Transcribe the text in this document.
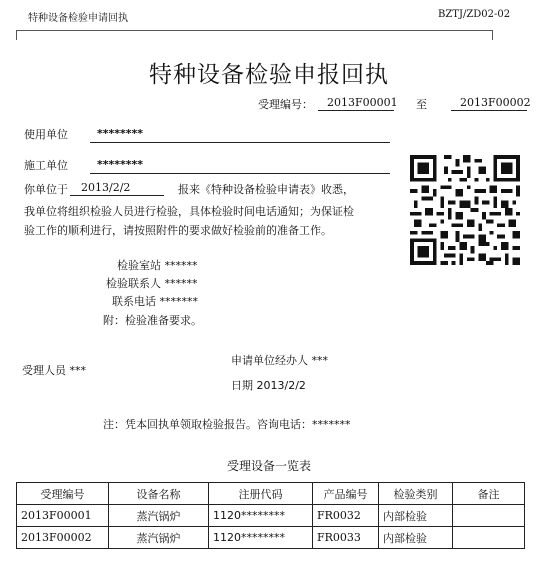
特种设备检验申请回执	BZTJ/ZD02-02
特种设备检验申报回执
受理编号： 2013F00001 至	2013F00002
使用单位	********
施工单位	********
你单位于 2013/2/2	报来《特种设备检验申请表》收悉，
我单位将组织检验人员进行检验，具体检验时间电话通知；为保证检
验工作的顺利进行，请按照附件的要求做好检验前的准备工作。
检验室站 ******
检验联系人 ******
联系电话 *******
附：检验准备要求。
申请单位经办人 ***
受理人员 ***
日期 2013/2/2
注：凭本回执单领取检验报告。咨询电话：*******
受理设备一览表
受理编号	设备名称	注册代码	产品编号	检验类别	备注
2013F00001	蒸汽锅炉	1120********	FR0032	内部检验	
2013F00002	蒸汽锅炉	1120********	FR0033	内部检验	
